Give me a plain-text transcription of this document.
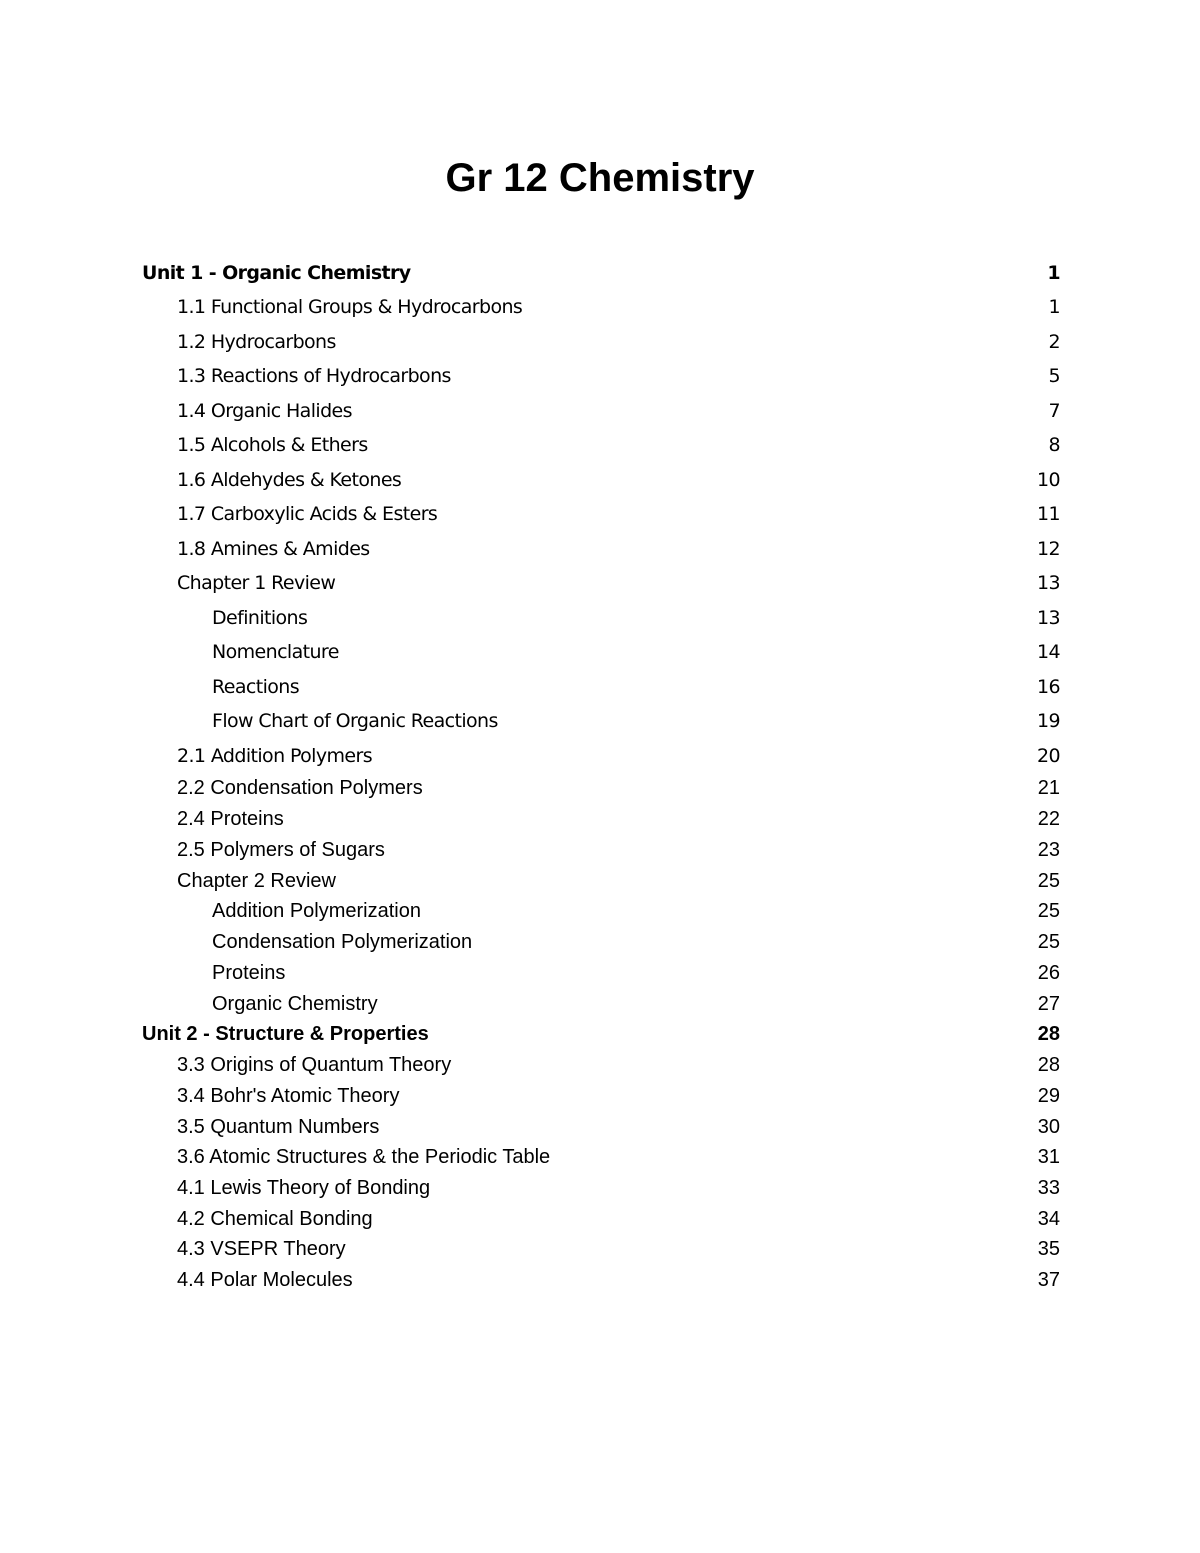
Gr 12 Chemistry
Unit 1 - Organic Chemistry	1
1.1 Functional Groups & Hydrocarbons	1
1.2 Hydrocarbons	2
1.3 Reactions of Hydrocarbons	5
1.4 Organic Halides	7
1.5 Alcohols & Ethers	8
1.6 Aldehydes & Ketones	10
1.7 Carboxylic Acids & Esters	11
1.8 Amines & Amides	12
Chapter 1 Review	13
Definitions	13
Nomenclature	14
Reactions	16
Flow Chart of Organic Reactions	19
2.1 Addition Polymers	20
2.2 Condensation Polymers	21
2.4 Proteins	22
2.5 Polymers of Sugars	23
Chapter 2 Review	25
Addition Polymerization	25
Condensation Polymerization	25
Proteins	26
Organic Chemistry	27
Unit 2 - Structure & Properties	28
3.3 Origins of Quantum Theory	28
3.4 Bohr's Atomic Theory	29
3.5 Quantum Numbers	30
3.6 Atomic Structures & the Periodic Table	31
4.1 Lewis Theory of Bonding	33
4.2 Chemical Bonding	34
4.3 VSEPR Theory	35
4.4 Polar Molecules	37
